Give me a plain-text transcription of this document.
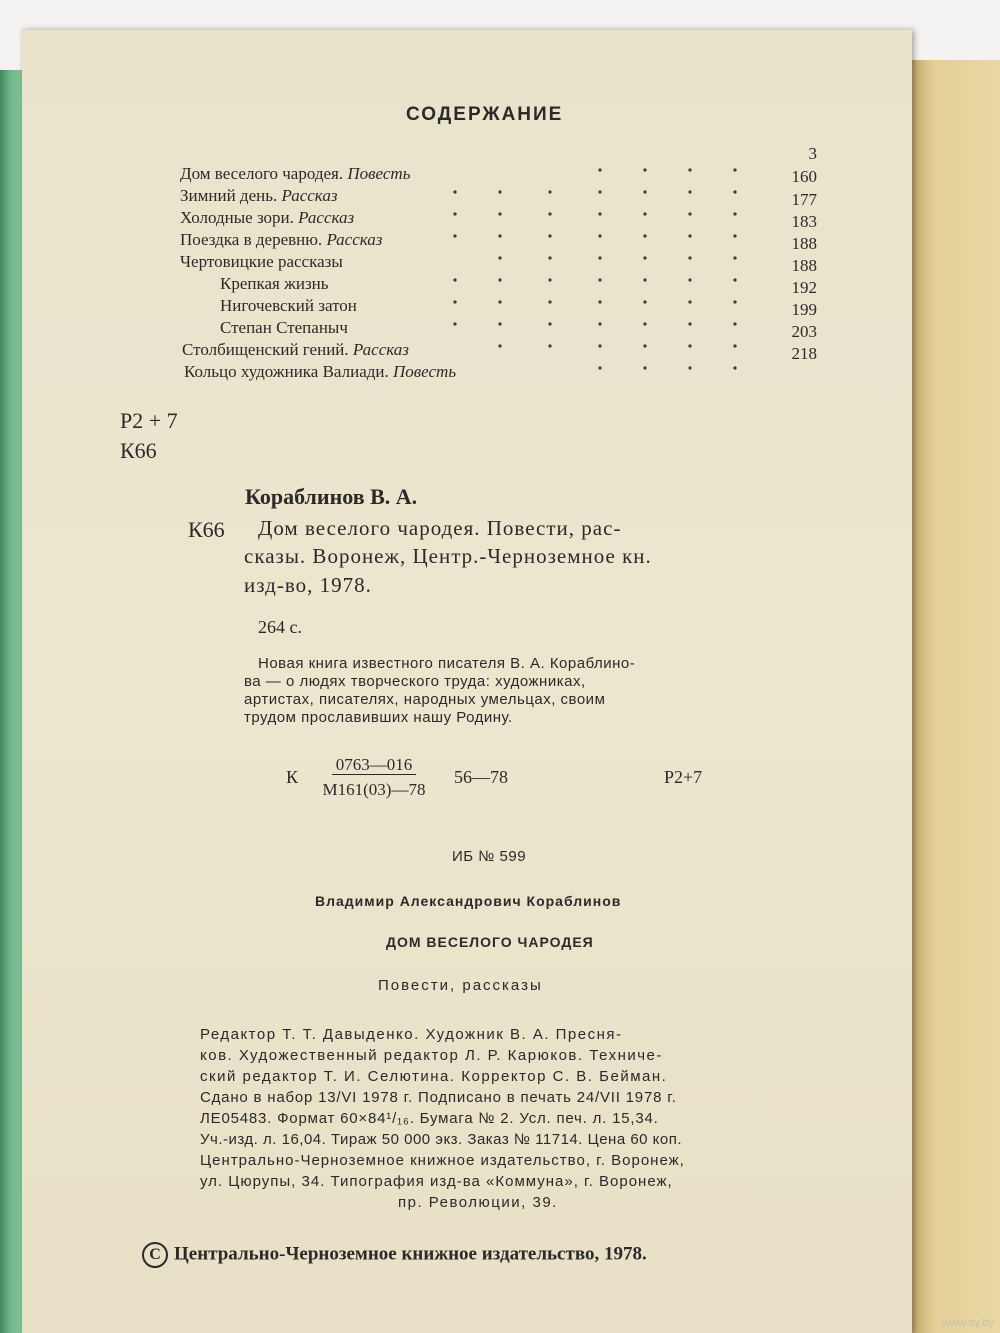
СОДЕРЖАНИЕ
Дом веселого чародея. Повесть
3
Зимний день. Рассказ
160
Холодные зори. Рассказ
177
Поездка в деревню. Рассказ
183
Чертовицкие рассказы
188
Крепкая жизнь
188
Нигочевский затон
192
Степан Степаныч
199
Столбищенский гений. Рассказ
203
Кольцо художника Валиади. Повесть
218
Р2 + 7
К66
Кораблинов В. А.
К66 Дом веселого чародея. Повести, рас-
сказы. Воронеж, Центр.-Черноземное кн.
изд-во, 1978.
264 с.
Новая книга известного писателя В. А. Кораблино-
ва — о людях творческого труда: художниках,
артистах, писателях, народных умельцах, своим
трудом прославивших нашу Родину.
К
0763—016
М161(03)—78
56—78	Р2+7
ИБ № 599
Владимир Александрович Кораблинов
ДОМ ВЕСЕЛОГО ЧАРОДЕЯ
Повести, рассказы
Редактор Т. Т. Давыденко. Художник В. А. Пресня-
ков. Художественный редактор Л. Р. Карюков. Техниче-
ский редактор Т. И. Селютина. Корректор С. В. Бейман.
Сдано в набор 13/VI 1978 г. Подписано в печать 24/VII 1978 г.
ЛЕ05483. Формат 60×84¹/₁₆. Бумага № 2. Усл. печ. л. 15,34.
Уч.-изд. л. 16,04. Тираж 50 000 экз. Заказ № 11714. Цена 60 коп.
Центрально-Черноземное книжное издательство, г. Воронеж,
ул. Цюрупы, 34. Типография изд-ва «Коммуна», г. Воронеж,
пр. Революции, 39.
C Центрально-Черноземное книжное издательство, 1978.
www.ay.by
